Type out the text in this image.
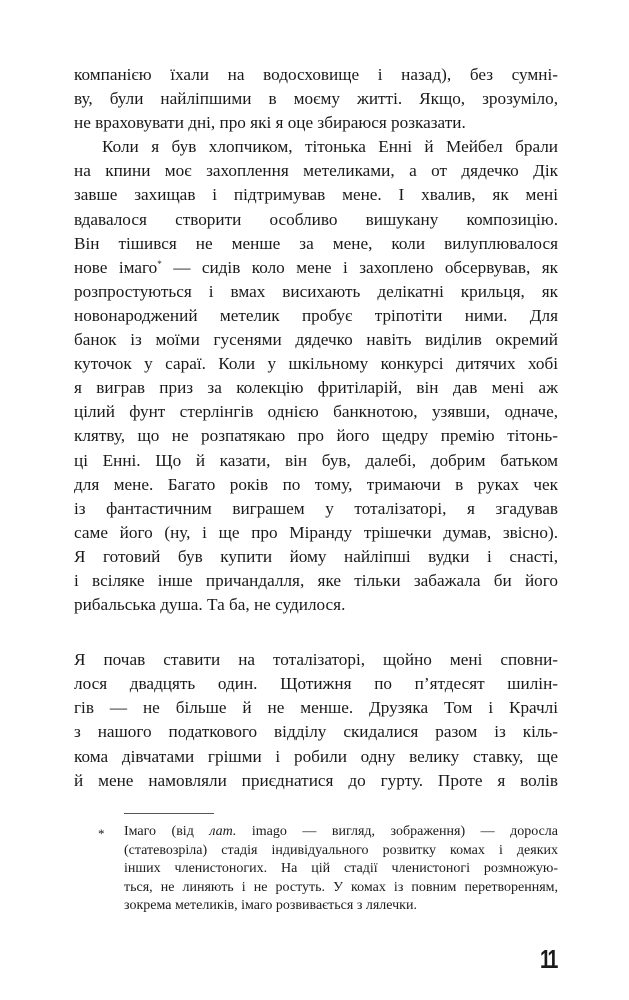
компанією їхали на водосховище і назад), без сумні-
ву, були найліпшими в моєму житті. Якщо, зрозуміло,
не враховувати дні, про які я оце збираюся розказати.
Коли я був хлопчиком, тітонька Енні й Мейбел брали
на кпини моє захоплення метеликами, а от дядечко Дік
завше захищав і підтримував мене. І хвалив, як мені
вдавалося створити особливо вишукану композицію.
Він тішився не менше за мене, коли вилуплювалося
нове імаго* — сидів коло мене і захоплено обсервував, як
розпростуються і вмах висихають делікатні крильця, як
новонароджений метелик пробує тріпотіти ними. Для
банок із моїми гусенями дядечко навіть виділив окремий
куточок у сараї. Коли у шкільному конкурсі дитячих хобі
я виграв приз за колекцію фритіларій, він дав мені аж
цілий фунт стерлінгів однією банкнотою, узявши, одначе,
клятву, що не розпатякаю про його щедру премію тітонь-
ці Енні. Що й казати, він був, далебі, добрим батьком
для мене. Багато років по тому, тримаючи в руках чек
із фантастичним виграшем у тоталізаторі, я згадував
саме його (ну, і ще про Міранду трішечки думав, звісно).
Я готовий був купити йому найліпші вудки і снасті,
і всіляке інше причандалля, яке тільки забажала би його
рибальська душа. Та ба, не судилося.
Я почав ставити на тоталізаторі, щойно мені сповни-
лося двадцять один. Щотижня по п’ятдесят шилін-
гів — не більше й не менше. Друзяка Том і Крачлі
з нашого податкового відділу скидалися разом із кіль-
кома дівчатами грішми і робили одну велику ставку, ще
й мене намовляли приєднатися до гурту. Проте я волів
* Імаго (від лат. imago — вигляд, зображення) — доросла
(статевозріла) стадія індивідуального розвитку комах і деяких
інших членистоногих. На цій стадії членистоногі розмножую-
ться, не линяють і не ростуть. У комах із повним перетворенням,
зокрема метеликів, імаго розвивається з лялечки.
11
